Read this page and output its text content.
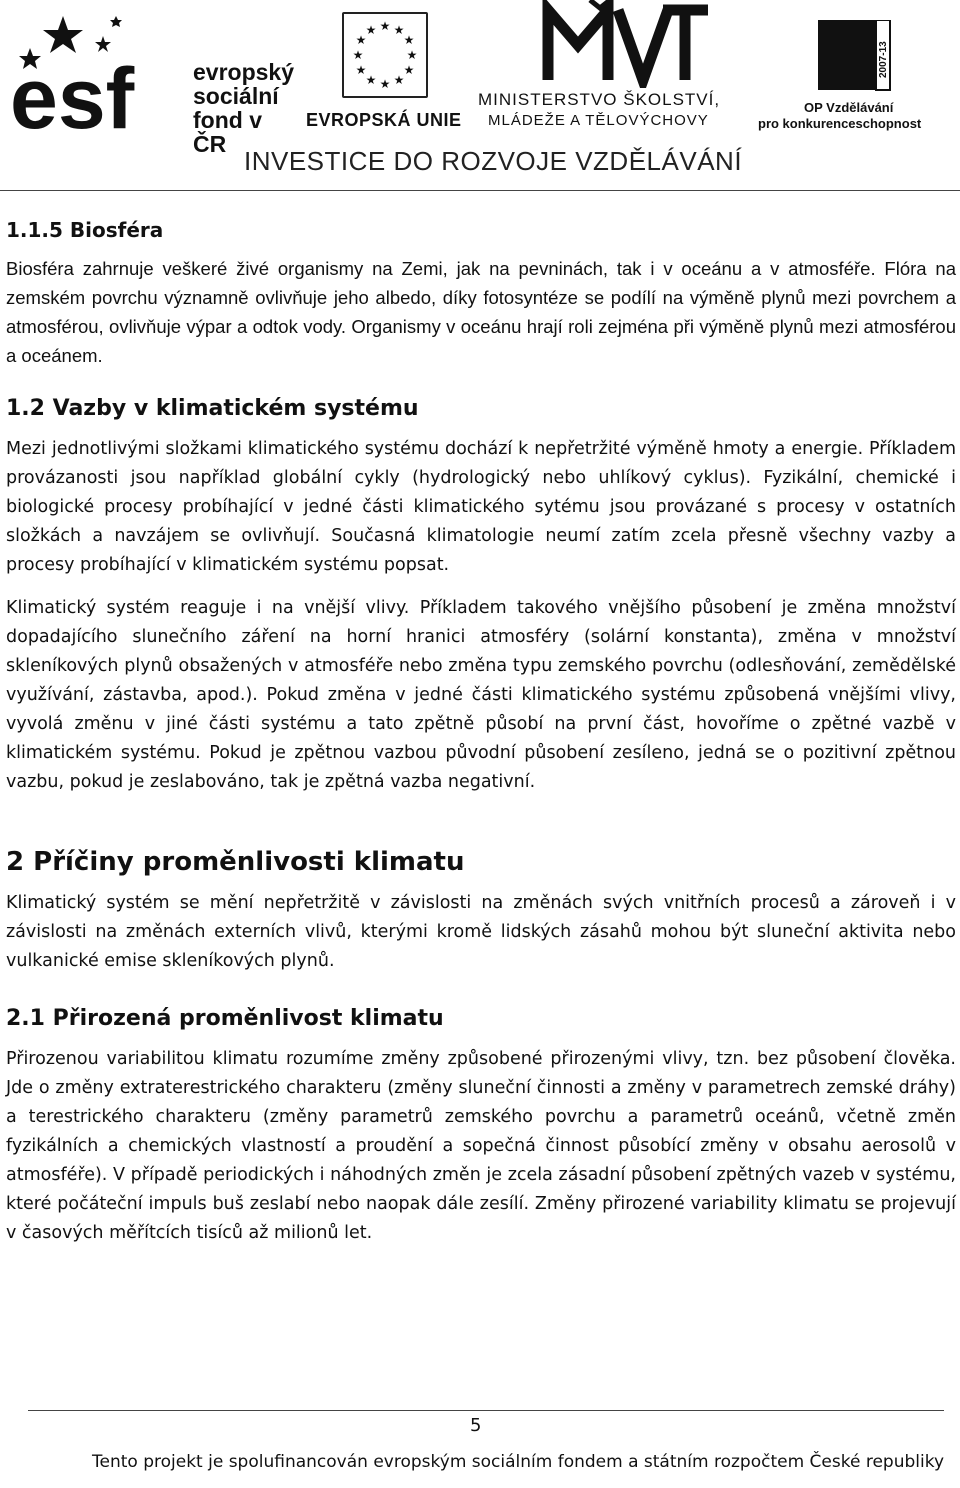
esf	evropský
sociální
fond v ČR
★ ★
★
★
★
★
★
★
★
★
★
★
EVROPSKÁ UNIE
MINISTERSTVO ŠKOLSTVÍ,
MLÁDEŽE A TĚLOVÝCHOVY
2007-13
OP Vzdělávání
pro konkurenceschopnost
INVESTICE DO ROZVOJE VZDĚLÁVÁNÍ
1.1.5 Biosféra

Biosféra zahrnuje veškeré živé organismy na Zemi, jak na pevninách, tak i v oceánu a v atmosféře. Flóra na zemském povrchu významně ovlivňuje jeho albedo, díky fotosyntéze se podílí na výměně plynů mezi povrchem a atmosférou, ovlivňuje výpar a odtok vody. Organismy v oceánu hrají roli zejména při výměně plynů mezi atmosférou a oceánem.

1.2 Vazby v klimatickém systému

Mezi jednotlivými složkami klimatického systému dochází k nepřetržité výměně hmoty a energie. Příkladem provázanosti jsou například globální cykly (hydrologický nebo uhlíkový cyklus). Fyzikální, chemické i biologické procesy probíhající v jedné části klimatického sytému jsou provázané s procesy v ostatních složkách a navzájem se ovlivňují. Současná klimatologie neumí zatím zcela přesně všechny vazby a procesy probíhající v klimatickém systému popsat.

Klimatický systém reaguje i na vnější vlivy. Příkladem takového vnějšího působení je změna množství dopadajícího slunečního záření na horní hranici atmosféry (solární konstanta), změna v množství skleníkových plynů obsažených v atmosféře nebo změna typu zemského povrchu (odlesňování, zemědělské využívání, zástavba, apod.). Pokud změna v jedné části klimatického systému způsobená vnějšími vlivy, vyvolá změnu v jiné části systému a tato zpětně působí na první část, hovoříme o zpětné vazbě v klimatickém systému. Pokud je zpětnou vazbou původní působení zesíleno, jedná se o pozitivní zpětnou vazbu, pokud je zeslabováno, tak je zpětná vazba negativní.

2 Příčiny proměnlivosti klimatu

Klimatický systém se mění nepřetržitě v závislosti na změnách svých vnitřních procesů a zároveň i v závislosti na změnách externích vlivů, kterými kromě lidských zásahů mohou být sluneční aktivita nebo vulkanické emise skleníkových plynů.

2.1 Přirozená proměnlivost klimatu

Přirozenou variabilitou klimatu rozumíme změny způsobené přirozenými vlivy, tzn. bez působení člověka. Jde o změny extraterestrického charakteru (změny sluneční činnosti a změny v parametrech zemské dráhy) a terestrického charakteru (změny parametrů zemského povrchu a parametrů oceánů, včetně změn fyzikálních a chemických vlastností a proudění a sopečná činnost působící změny v obsahu aerosolů v atmosféře). V případě periodických i náhodných změn je zcela zásadní působení zpětných vazeb v systému, které počáteční impuls buš zeslabí nebo naopak dále zesílí. Změny přirozené variability klimatu se projevují v časových měřítcích tisíců až milionů let.

5
Tento projekt je spolufinancován evropským sociálním fondem a státním rozpočtem České republiky
